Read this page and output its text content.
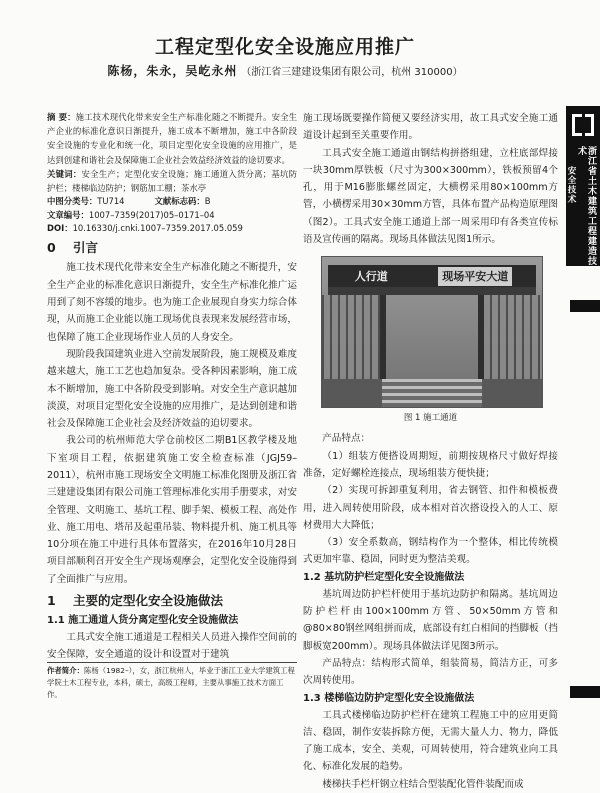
工程定型化安全设施应用推广
陈杨，朱永，吴屹永州 （浙江省三建建设集团有限公司，杭州 310000）

摘 要：施工技术现代化带来安全生产标准化随之不断提升。安全生产企业的标准化意识日渐提升，施工成本不断增加，施工中各阶段安全设施的专业化和统一化，项目定型化安全设施的应用推广，是达到创建和谐社会及保障施工企业社会效益经济效益的途切要求。

关键词：安全生产；定型化安全设施；施工通道入货分离；基坑防护栏；楼梯临边防护；钢筋加工棚；茶水亭

中图分类号：TU714	文献标志码：B

文章编号：1007–7359(2017)05–0171–04

DOI：10.16330/j.cnki.1007–7359.2017.05.059

0 引言

施工技术现代化带来安全生产标准化随之不断提升，安全生产企业的标准化意识日渐提升，安全生产标准化推广运用到了刻不容缓的地步。也为施工企业展现自身实力综合体现，从而施工企业能以施工现场优良表现来发展经营市场，也保障了施工企业现场作业人员的人身安全。

现阶段我国建筑业进入空前发展阶段，施工规模及难度越来越大，施工工艺也趋加复杂。受各种因素影响，施工成本不断增加，施工中各阶段受到影响。对安全生产意识越加淡漠，对项目定型化安全设施的应用推广，是达到创建和谐社会及保障施工企业社会及经济效益的迫切要求。

我公司的杭州师范大学仓前校区二期B1区教学楼及地下室项目工程，依据建筑施工安全检查标准（JGJ59–2011），杭州市施工现场安全文明施工标准化图册及浙江省三建建设集团有限公司施工管理标准化实用手册要求，对安全管理、文明施工、基坑工程、脚手架、模板工程、高处作业、施工用电、塔吊及起重吊装、物料提升机、施工机具等10分项在施工中进行具体布置落实，在2016年10月28日项目部顺利召开安全生产现场观摩会，定型化安全设施得到了全面推广与应用。

1 主要的定型化安全设施做法
1.1 施工通道人货分离定型化安全设施做法

工具式安全施工通道是工程相关人员进入操作空间前的安全保障，安全通道的设计和设置对于建筑

施工现场既要操作简便又要经济实用，故工具式安全施工通道设计起到至关重要作用。

工具式安全施工通道由钢结构拼搭组建，立柱底部焊接一块30mm厚铁板（尺寸为300×300mm），铁板预留4个孔，用于M16膨胀螺丝固定，大横楞采用80×100mm方管，小横楞采用30×30mm方管，具体布置产品构造原理图（图2）。工具式安全施工通道上部一周采用印有各类宣传标语及宣传画的隔离。现场具体做法见图1所示。

人行道	现场平安大道
图 1 施工通道

产品特点：

（1）组装方便搭设周期短，前期按规格尺寸做好焊接准备，定好螺栓连接点，现场组装方便快捷；

（2）实现可拆卸重复利用，省去钢管、扣件和模板费用，进入周转使用阶段，成本相对首次搭设投入的人工、原材费用大大降低；

（3）安全系数高，钢结构作为一个整体，相比传统模式更加牢靠、稳固，同时更为整洁美观。

1.2 基坑防护栏定型化安全设施做法

基坑周边防护栏杆使用于基坑边防护和隔离。基坑周边防护栏杆由100×100mm方管、50×50mm方管和@80×80钢丝网组拼而成，底部设有红白相间的挡脚板（挡脚板宽200mm）。现场具体做法详见图3所示。

产品特点：结构形式简单，组装简易，简洁方正，可多次周转使用。

1.3 楼梯临边防护定型化安全设施做法

工具式楼梯临边防护栏杆在建筑工程施工中的应用更简洁、稳固，制作安装拆除方便，无需大量人力、物力，降低了施工成本，安全、美观，可周转使用，符合建筑业向工具化、标准化发展的趋势。

楼梯扶手栏杆钢立柱结合型装配化管件装配而成

作者简介：陈杨（1982–），女，浙江杭州人，毕业于浙江工业大学建筑工程学院土木工程专业，本科，硕士，高级工程师，主要从事施工技术方面工作。
浙江省土木建筑工程建造技术
安全技术
